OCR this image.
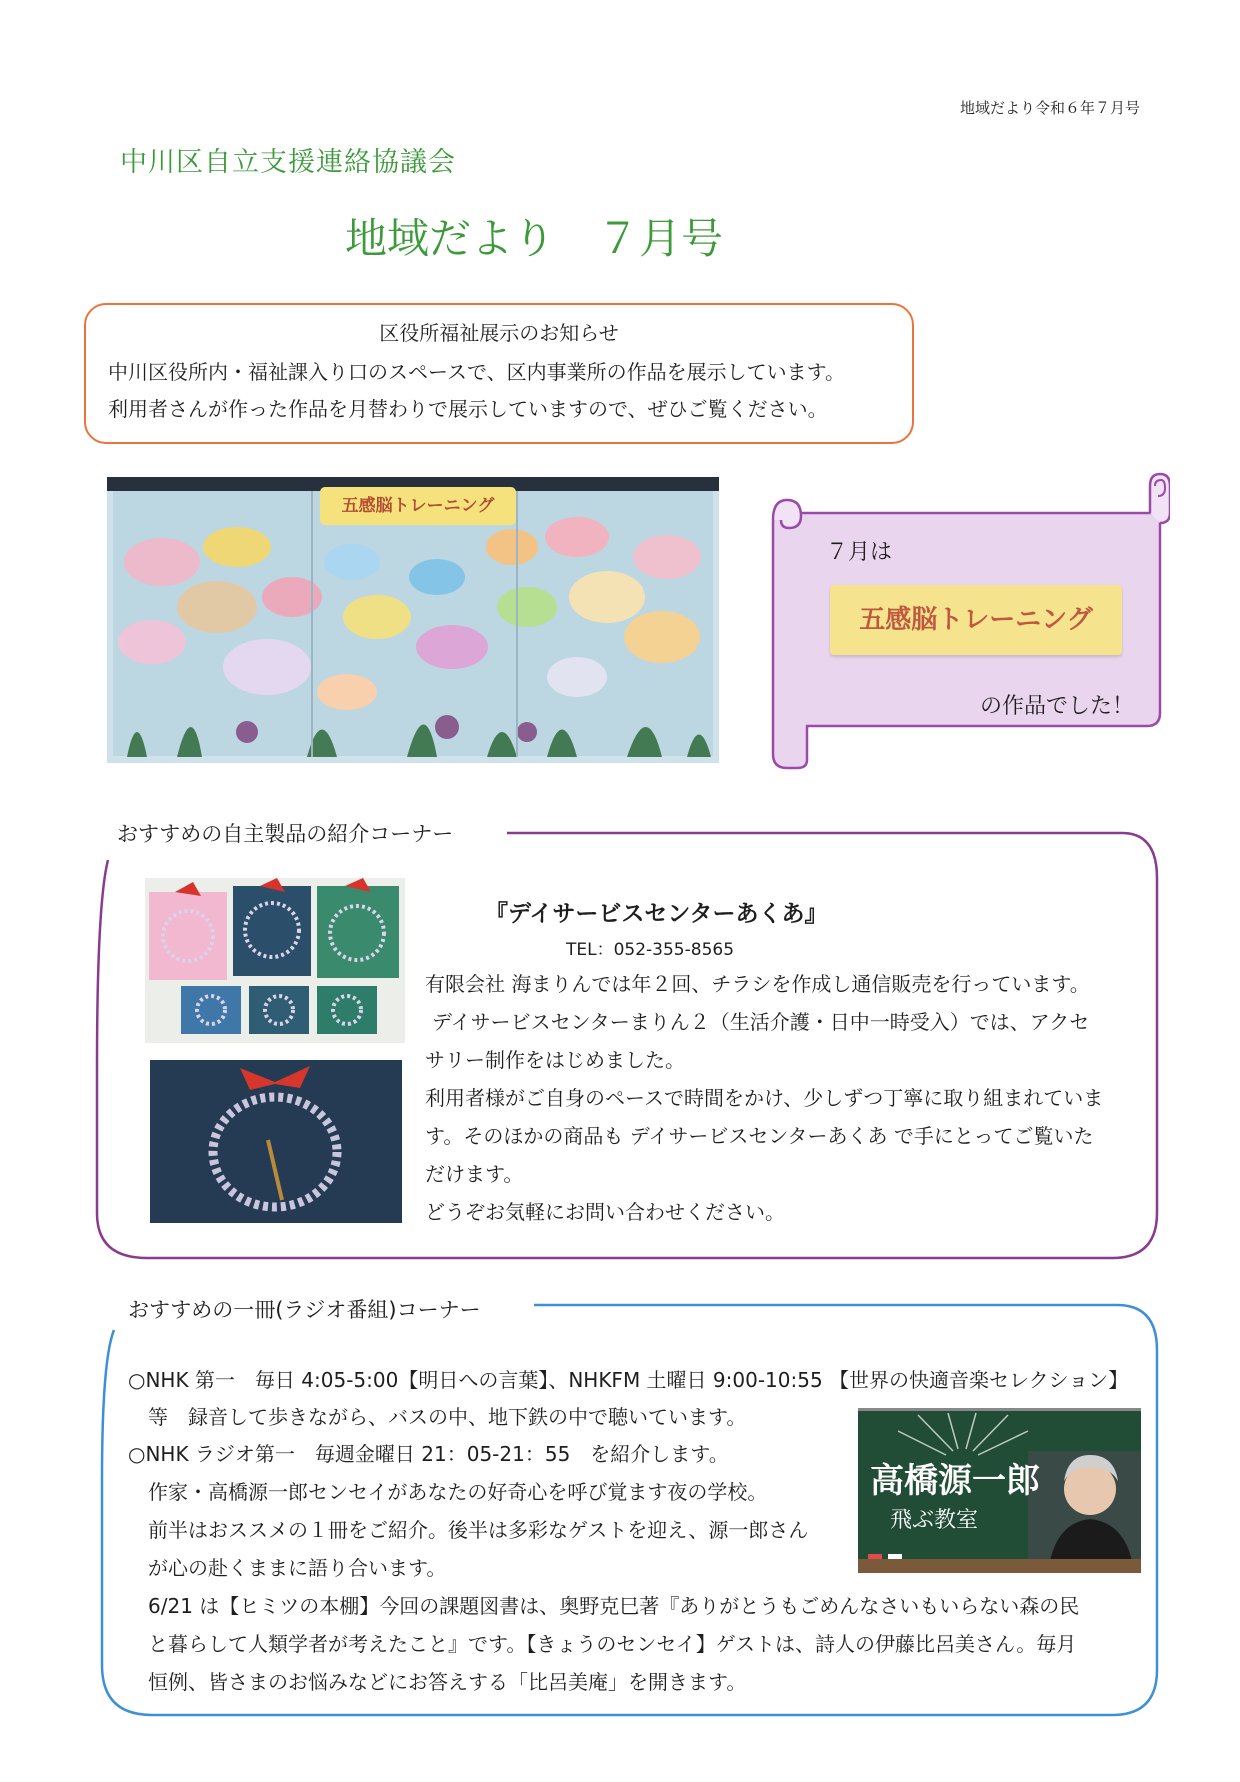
地域だより令和６年７月号
中川区自立支援連絡協議会
地域だより　７月号
区役所福祉展示のお知らせ
中川区役所内・福祉課入り口のスペースで、区内事業所の作品を展示しています。
利用者さんが作った作品を月替わりで展示していますので、ぜひご覧ください。
五感脳トレーニング
７月は
五感脳トレーニング
の作品でした！
おすすめの自主製品の紹介コーナー
『デイサービスセンターあくあ』
TEL：052-355-8565
有限会社 海まりんでは年２回、チラシを作成し通信販売を行っています。
デイサービスセンターまりん２（生活介護・日中一時受入）では、アクセ
サリー制作をはじめました。
利用者様がご自身のペースで時間をかけ、少しずつ丁寧に取り組まれていま
す。そのほかの商品も デイサービスセンターあくあ で手にとってご覧いた
だけます。
どうぞお気軽にお問い合わせください。
おすすめの一冊(ラジオ番組)コーナー
○NHK 第一　毎日 4:05-5:00【明日への言葉】、NHKFM 土曜日 9:00-10:55 【世界の快適音楽セレクション】
等　録音して歩きながら、バスの中、地下鉄の中で聴いています。
○NHK ラジオ第一　毎週金曜日 21：05-21：55　を紹介します。
作家・高橋源一郎センセイがあなたの好奇心を呼び覚ます夜の学校。
前半はおススメの１冊をご紹介。後半は多彩なゲストを迎え、源一郎さん
が心の赴くままに語り合います。
6/21 は【ヒミツの本棚】今回の課題図書は、奥野克巳著『ありがとうもごめんなさいもいらない森の民
と暮らして人類学者が考えたこと』です。【きょうのセンセイ】ゲストは、詩人の伊藤比呂美さん。毎月
恒例、皆さまのお悩みなどにお答えする「比呂美庵」を開きます。
高橋源一郎
飛ぶ教室
